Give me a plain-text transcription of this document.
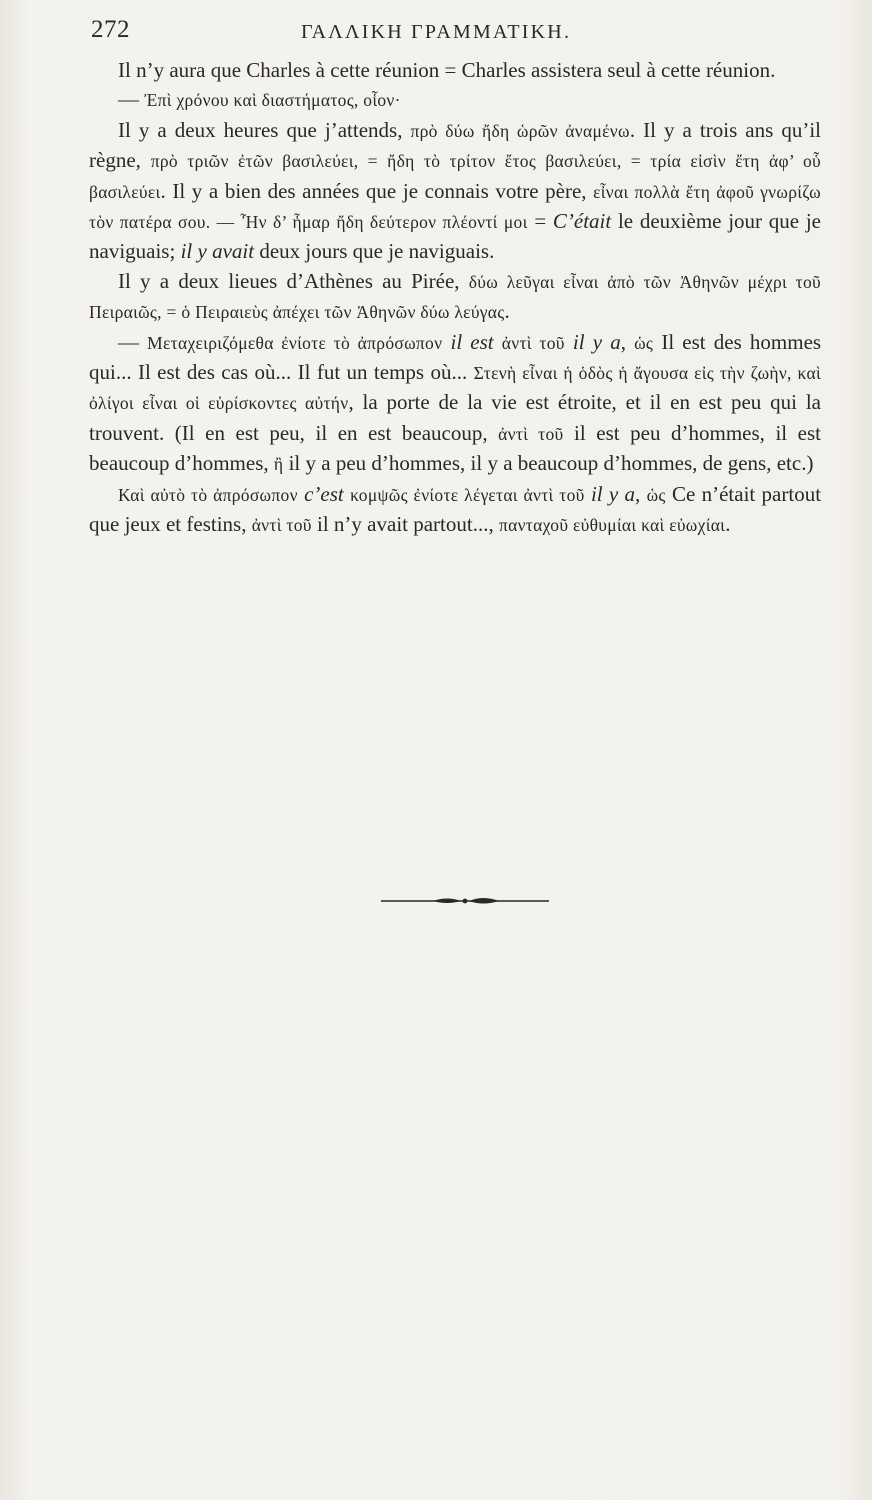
272	ΓΑΛΛΙΚΗ ΓΡΑΜΜΑΤΙΚΗ.

Il n’y aura que Charles à cette réunion = Charles assistera seul à cette réunion.

— Ἐπὶ χρόνου καὶ διαστήματος, οἷον·

Il y a deux heures que j’attends, πρὸ δύω ἤδη ὡρῶν ἀναμένω. Il y a trois ans qu’il règne, πρὸ τριῶν ἐτῶν βασιλεύει, = ἤδη τὸ τρίτον ἔτος βασιλεύει, = τρία εἰσὶν ἔτη ἀφ’ οὗ βασιλεύει. Il y a bien des années que je connais votre père, εἶναι πολλὰ ἔτη ἀφοῦ γνωρίζω τὸν πατέρα σου. — Ἦν δ’ ἦμαρ ἤδη δεύτερον πλέοντί μοι = C’était le deuxième jour que je naviguais; il y avait deux jours que je naviguais.

Il y a deux lieues d’Athènes au Pirée, δύω λεῦγαι εἶναι ἀπὸ τῶν Ἀθηνῶν μέχρι τοῦ Πειραιῶς, = ὁ Πειραιεὺς ἀπέχει τῶν Ἀθηνῶν δύω λεύγας.

— Μεταχειριζόμεθα ἐνίοτε τὸ ἀπρόσωπον il est ἀντὶ τοῦ il y a, ὡς Il est des hommes qui... Il est des cas où... Il fut un temps où... Στενὴ εἶναι ἡ ὁδὸς ἡ ἄγουσα εἰς τὴν ζωὴν, καὶ ὀλίγοι εἶναι οἱ εὑρίσκοντες αὐτήν, la porte de la vie est étroite, et il en est peu qui la trouvent. (Il en est peu, il en est beaucoup, ἀντὶ τοῦ il est peu d’hommes, il est beaucoup d’hommes, ἢ il y a peu d’hommes, il y a beaucoup d’hommes, de gens, etc.)

Καὶ αὐτὸ τὸ ἀπρόσωπον c’est κομψῶς ἐνίοτε λέγεται ἀντὶ τοῦ il y a, ὡς Ce n’était partout que jeux et festins, ἀντὶ τοῦ il n’y avait partout..., πανταχοῦ εὐθυμίαι καὶ εὐωχίαι.
